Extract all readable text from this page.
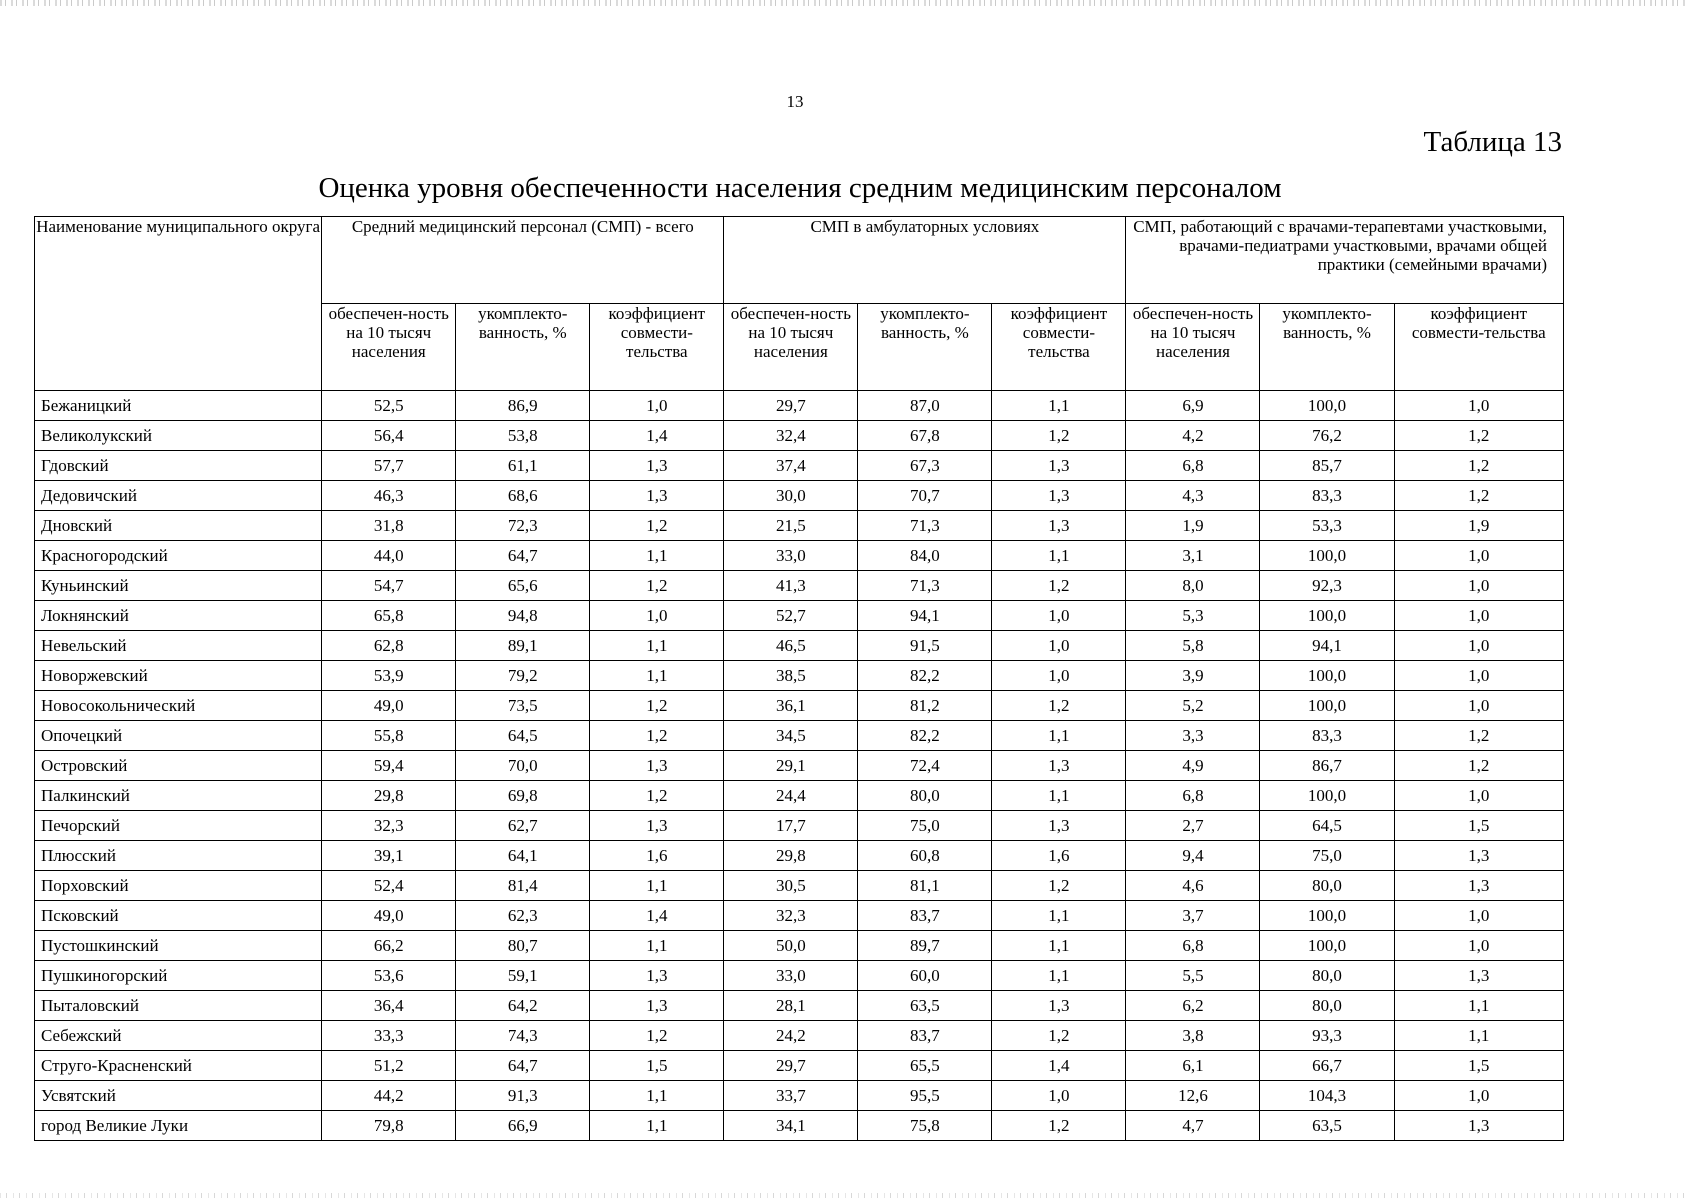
13
Таблица 13
Оценка уровня обеспеченности населения средним медицинским персоналом
Наименование муниципального округа	Средний медицинский персонал (СМП) - всего			СМП в амбулаторных условиях			СМП, работающий с врачами-терапевтами участковыми, врачами-педиатрами участковыми, врачами общей практики (семейными врачами)		
	обеспечен-ность на 10 тысяч населения	укомплекто-ванность, %	коэффициент совмести-тельства	обеспечен-ность на 10 тысяч населения	укомплекто-ванность, %	коэффициент совмести-тельства	обеспечен-ность на 10 тысяч населения	укомплекто-ванность, %	коэффициент совмести-тельства
Бежаницкий	52,5	86,9	1,0	29,7	87,0	1,1	6,9	100,0	1,0
Великолукский	56,4	53,8	1,4	32,4	67,8	1,2	4,2	76,2	1,2
Гдовский	57,7	61,1	1,3	37,4	67,3	1,3	6,8	85,7	1,2
Дедовичский	46,3	68,6	1,3	30,0	70,7	1,3	4,3	83,3	1,2
Дновский	31,8	72,3	1,2	21,5	71,3	1,3	1,9	53,3	1,9
Красногородский	44,0	64,7	1,1	33,0	84,0	1,1	3,1	100,0	1,0
Куньинский	54,7	65,6	1,2	41,3	71,3	1,2	8,0	92,3	1,0
Локнянский	65,8	94,8	1,0	52,7	94,1	1,0	5,3	100,0	1,0
Невельский	62,8	89,1	1,1	46,5	91,5	1,0	5,8	94,1	1,0
Новоржевский	53,9	79,2	1,1	38,5	82,2	1,0	3,9	100,0	1,0
Новосокольнический	49,0	73,5	1,2	36,1	81,2	1,2	5,2	100,0	1,0
Опочецкий	55,8	64,5	1,2	34,5	82,2	1,1	3,3	83,3	1,2
Островский	59,4	70,0	1,3	29,1	72,4	1,3	4,9	86,7	1,2
Палкинский	29,8	69,8	1,2	24,4	80,0	1,1	6,8	100,0	1,0
Печорский	32,3	62,7	1,3	17,7	75,0	1,3	2,7	64,5	1,5
Плюсский	39,1	64,1	1,6	29,8	60,8	1,6	9,4	75,0	1,3
Порховский	52,4	81,4	1,1	30,5	81,1	1,2	4,6	80,0	1,3
Псковский	49,0	62,3	1,4	32,3	83,7	1,1	3,7	100,0	1,0
Пустошкинский	66,2	80,7	1,1	50,0	89,7	1,1	6,8	100,0	1,0
Пушкиногорский	53,6	59,1	1,3	33,0	60,0	1,1	5,5	80,0	1,3
Пыталовский	36,4	64,2	1,3	28,1	63,5	1,3	6,2	80,0	1,1
Себежский	33,3	74,3	1,2	24,2	83,7	1,2	3,8	93,3	1,1
Струго-Красненский	51,2	64,7	1,5	29,7	65,5	1,4	6,1	66,7	1,5
Усвятский	44,2	91,3	1,1	33,7	95,5	1,0	12,6	104,3	1,0
город Великие Луки	79,8	66,9	1,1	34,1	75,8	1,2	4,7	63,5	1,3
